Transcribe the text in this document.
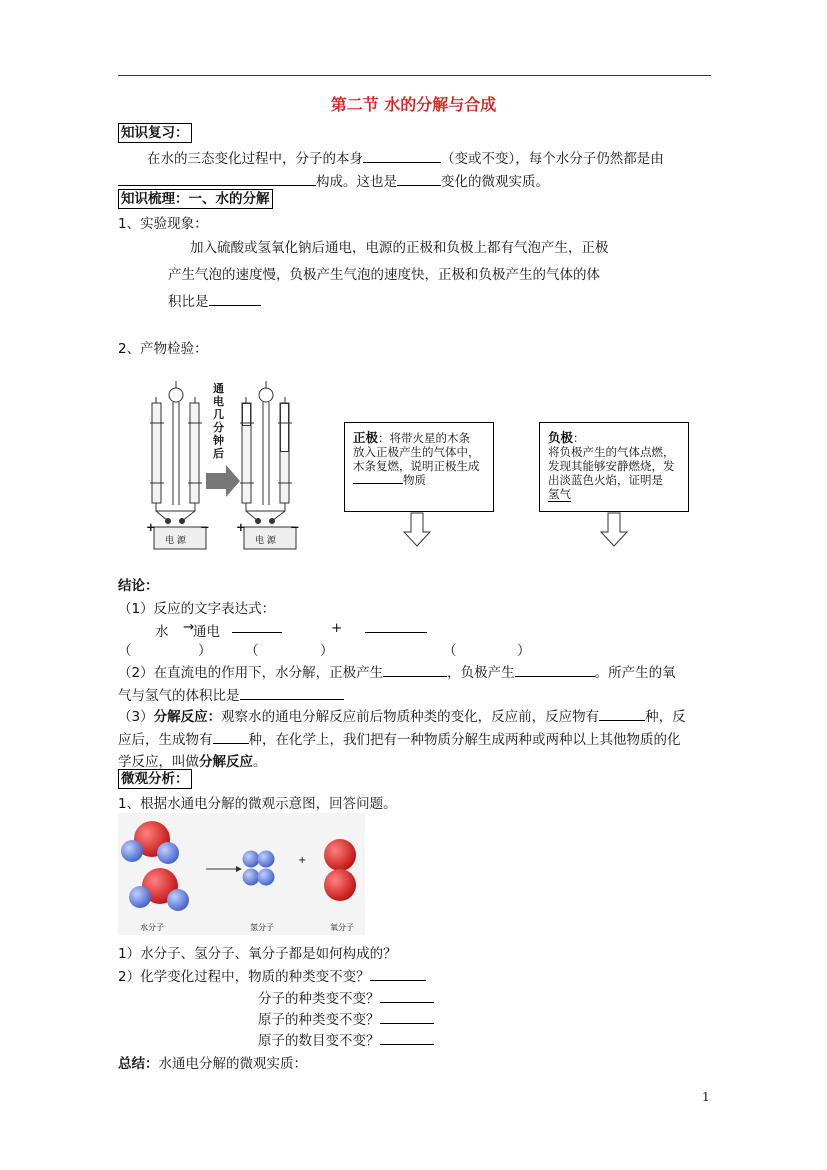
第二节 水的分解与合成
知识复习：
在水的三态变化过程中，分子的本身	（变或不变），每个水分子仍然都是由
构成。这也是	变化的微观实质。
知识梳理：一、水的分解
1、实验现象：
加入硫酸或氢氧化钠后通电，电源的正极和负极上都有气泡产生，正极
产生气泡的速度慢，负极产生气泡的速度快，正极和负极产生的气体的体
积比是
2、产物检验：
+	− +	−
电 源	电 源
通
电
几
分
钟
后
正极：将带火星的木条
放入正极产生的气体中，
木条复燃，说明正极生成
物质
负极：
将负极产生的气体点燃，
发现其能够安静燃烧，发
出淡蓝色火焰，证明是
氢气
结论：
（1）反应的文字表达式：
水 →
通电	+
（	） （	）	（	）
（2）在直流电的作用下，水分解，正极产生	，负极产生	。所产生的氧
气与氢气的体积比是
（3）分解反应：观察水的通电分解反应前后物质种类的变化，反应前，反应物有	种，反
应后，生成物有	种，在化学上，我们把有一种物质分解生成两种或两种以上其他物质的化
学反应，叫做分解反应。
微观分析：
1、根据水通电分解的微观示意图，回答问题。
+
水分子	氢分子	氧分子
1）水分子、氢分子、氧分子都是如何构成的？
2）化学变化过程中，物质的种类变不变？
分子的种类变不变？
原子的种类变不变？
原子的数目变不变？
总结：水通电分解的微观实质：
1
